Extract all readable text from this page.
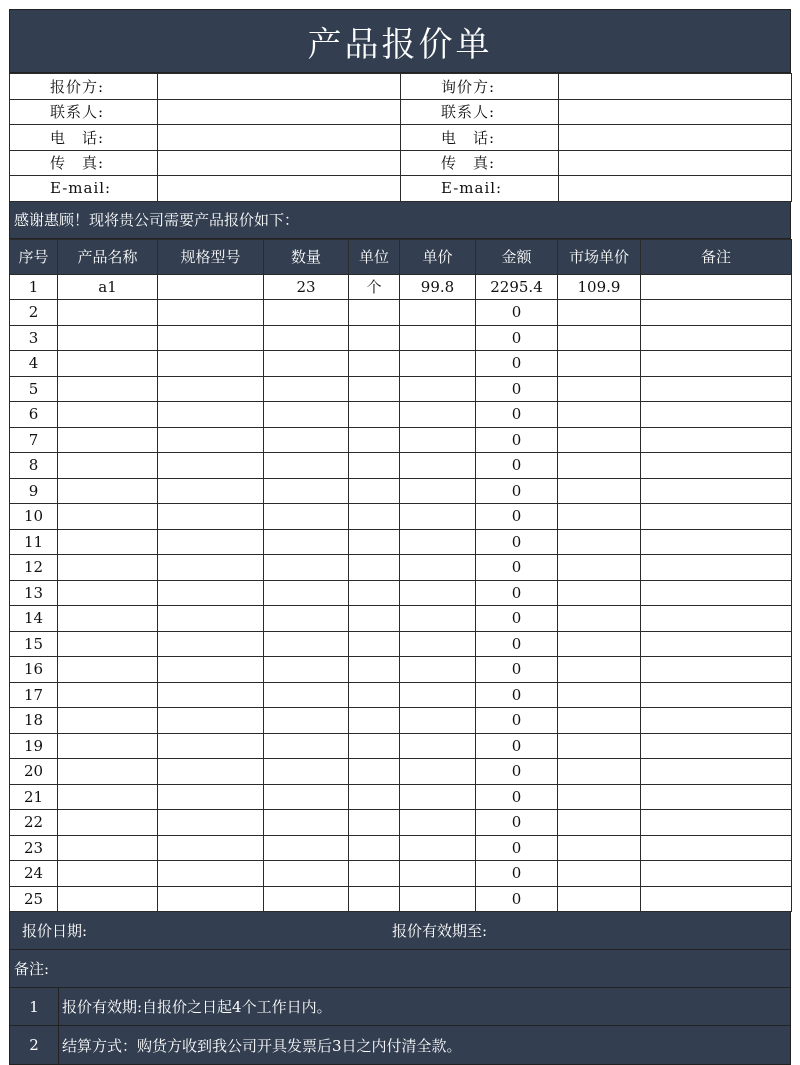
产品报价单
报价方:		询价方:	
联系人:		联系人:	
电　话:		电　话:	
传　真:		传　真:	
E-mail:		E-mail:	
感谢惠顾！现将贵公司需要产品报价如下：
序号	产品名称	规格型号	数量	单位	单价	金额	市场单价	备注
1	a1		23	个	99.8	2295.4	109.9	
2						0		
3						0		
4						0		
5						0		
6						0		
7						0		
8						0		
9						0		
10						0		
11						0		
12						0		
13						0		
14						0		
15						0		
16						0		
17						0		
18						0		
19						0		
20						0		
21						0		
22						0		
23						0		
24						0		
25						0		
报价日期:	报价有效期至:
备注:
1	报价有效期:自报价之日起4个工作日内。
2	结算方式：购货方收到我公司开具发票后3日之内付清全款。
